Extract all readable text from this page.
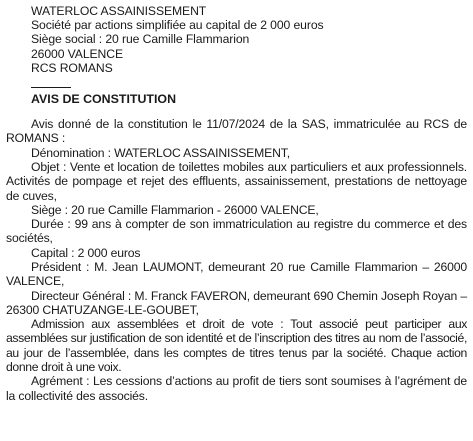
WATERLOC ASSAINISSEMENT
Société par actions simplifiée au capital de 2 000 euros
Siège social : 20 rue Camille Flammarion
26000 VALENCE
RCS ROMANS
AVIS DE CONSTITUTION

Avis donné de la constitution le 11/07/2024 de la SAS, immatriculée au RCS de ROMANS :

Dénomination : WATERLOC ASSAINISSEMENT,

Objet : Vente et location de toilettes mobiles aux particuliers et aux professionnels. Activités de pompage et rejet des effluents, assainissement, prestations de nettoyage de cuves,

Siège : 20 rue Camille Flammarion - 26000 VALENCE,

Durée : 99 ans à compter de son immatriculation au registre du commerce et des sociétés,

Capital : 2 000 euros

Président : M. Jean LAUMONT, demeurant 20 rue Camille Flammarion – 26000 VALENCE,

Directeur Général : M. Franck FAVERON, demeurant 690 Chemin Joseph Royan – 26300 CHATUZANGE-LE-GOUBET,

Admission aux assemblées et droit de vote : Tout associé peut participer aux assemblées sur justification de son identité et de l’inscription des titres au nom de l’associé, au jour de l’assemblée, dans les comptes de titres tenus par la société. Chaque action donne droit à une voix.

Agrément : Les cessions d’actions au profit de tiers sont soumises à l’agrément de la collectivité des associés.
